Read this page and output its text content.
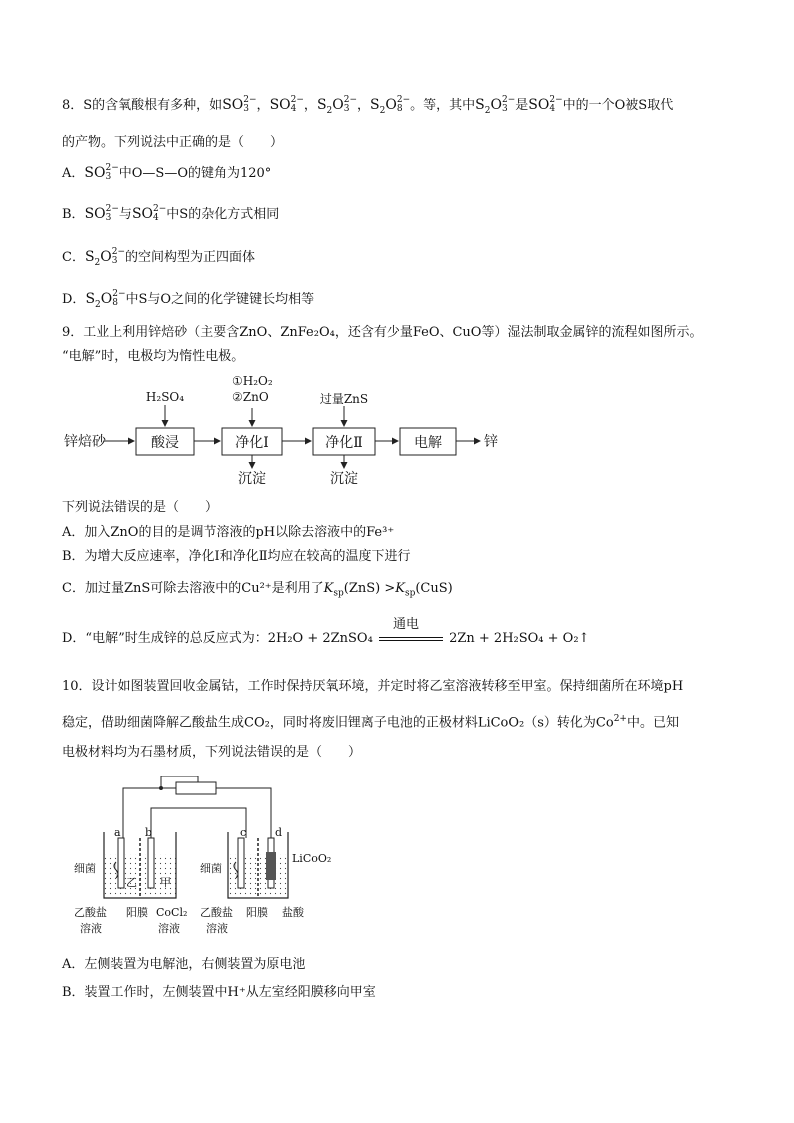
8．S的含氧酸根有多种，如SO 2−
3 ，SO 2−
4 ，$S_2O$ 2−
3 ，$S_2O$ 2−
8 。等，其中$S_2O$ 2−
3 是SO 2−
4 中的一个O被S取代
的产物。下列说法中正确的是（　　）
A．SO 2−
3 中O—S—O的键角为120°
B．SO 2−
3 与SO 2−
4 中S的杂化方式相同
C．$S_2O$ 2−
3 的空间构型为正四面体
D．$S_2O$ 2−
8 中S与O之间的化学键键长均相等
9．工业上利用锌焙砂（主要含ZnO、ZnFe₂O₄，还含有少量FeO、CuO等）湿法制取金属锌的流程如图所示。
“电解”时，电极均为惰性电极。
锌焙砂	酸浸	净化Ⅰ	净化Ⅱ	电解	锌
沉淀	沉淀
H₂SO₄
①H₂O₂
②ZnO	过量ZnS
下列说法错误的是（　　）
A．加入ZnO的目的是调节溶液的pH以除去溶液中的Fe³⁺
B．为增大反应速率，净化Ⅰ和净化Ⅱ均应在较高的温度下进行
C．加过量ZnS可除去溶液中的Cu²⁺是利用了$K_{sp}(ZnS) >K_{sp}(CuS)$
D．“电解”时生成锌的总反应式为：2H₂O + 2ZnSO₄
通电
2Zn + 2H₂SO₄ + O₂↑
10．设计如图装置回收金属钴，工作时保持厌氧环境，并定时将乙室溶液转移至甲室。保持细菌所在环境pH
稳定，借助细菌降解乙酸盐生成CO₂，同时将废旧锂离子电池的正极材料LiCoO₂（s）转化为$Co^{2+}$中。已知
电极材料均为石墨材质，下列说法错误的是（　　）
a b	c	d
乙 甲
细菌	细菌
LiCoO₂
乙酸盐
溶液
阳膜 CoCl₂
溶液
乙酸盐
溶液
阳膜 盐酸
A．左侧装置为电解池，右侧装置为原电池
B．装置工作时，左侧装置中H⁺从左室经阳膜移向甲室
